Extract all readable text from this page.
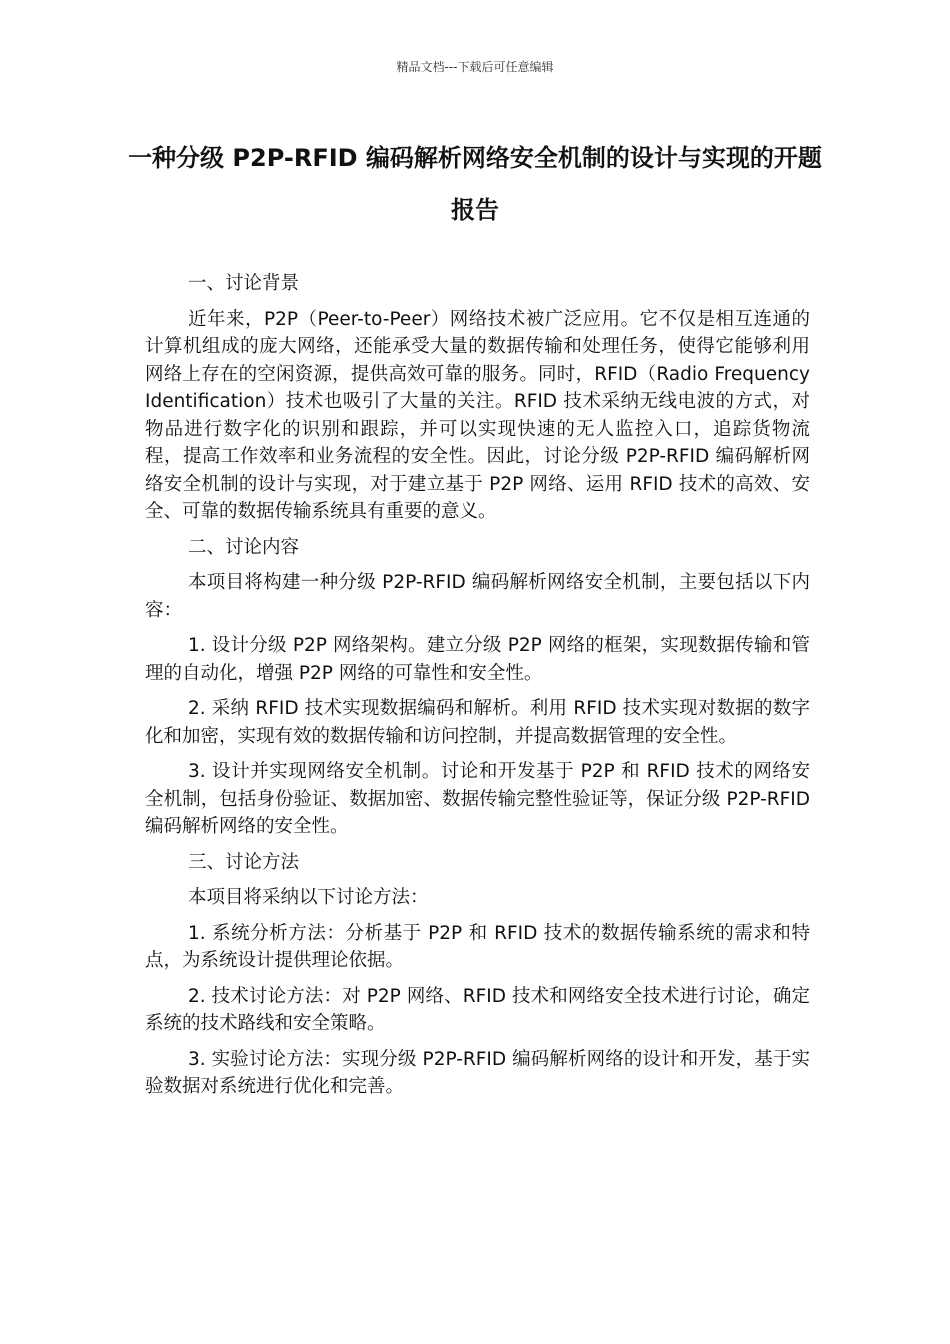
精品文档---下载后可任意编辑
一种分级 P2P-RFID 编码解析网络安全机制的设计与实现的开题报告

一、讨论背景

近年来，P2P（Peer-to-Peer）网络技术被广泛应用。它不仅是相互连通的计算机组成的庞大网络，还能承受大量的数据传输和处理任务，使得它能够利用网络上存在的空闲资源，提供高效可靠的服务。同时，RFID（Radio Frequency Identification）技术也吸引了大量的关注。RFID 技术采纳无线电波的方式，对物品进行数字化的识别和跟踪，并可以实现快速的无人监控入口，追踪货物流程，提高工作效率和业务流程的安全性。因此，讨论分级 P2P-RFID 编码解析网络安全机制的设计与实现，对于建立基于 P2P 网络、运用 RFID 技术的高效、安全、可靠的数据传输系统具有重要的意义。

二、讨论内容

本项目将构建一种分级 P2P-RFID 编码解析网络安全机制，主要包括以下内容：

1. 设计分级 P2P 网络架构。建立分级 P2P 网络的框架，实现数据传输和管理的自动化，增强 P2P 网络的可靠性和安全性。

2. 采纳 RFID 技术实现数据编码和解析。利用 RFID 技术实现对数据的数字化和加密，实现有效的数据传输和访问控制，并提高数据管理的安全性。

3. 设计并实现网络安全机制。讨论和开发基于 P2P 和 RFID 技术的网络安全机制，包括身份验证、数据加密、数据传输完整性验证等，保证分级 P2P-RFID 编码解析网络的安全性。

三、讨论方法

本项目将采纳以下讨论方法：

1. 系统分析方法：分析基于 P2P 和 RFID 技术的数据传输系统的需求和特点，为系统设计提供理论依据。

2. 技术讨论方法：对 P2P 网络、RFID 技术和网络安全技术进行讨论，确定系统的技术路线和安全策略。

3. 实验讨论方法：实现分级 P2P-RFID 编码解析网络的设计和开发，基于实验数据对系统进行优化和完善。
